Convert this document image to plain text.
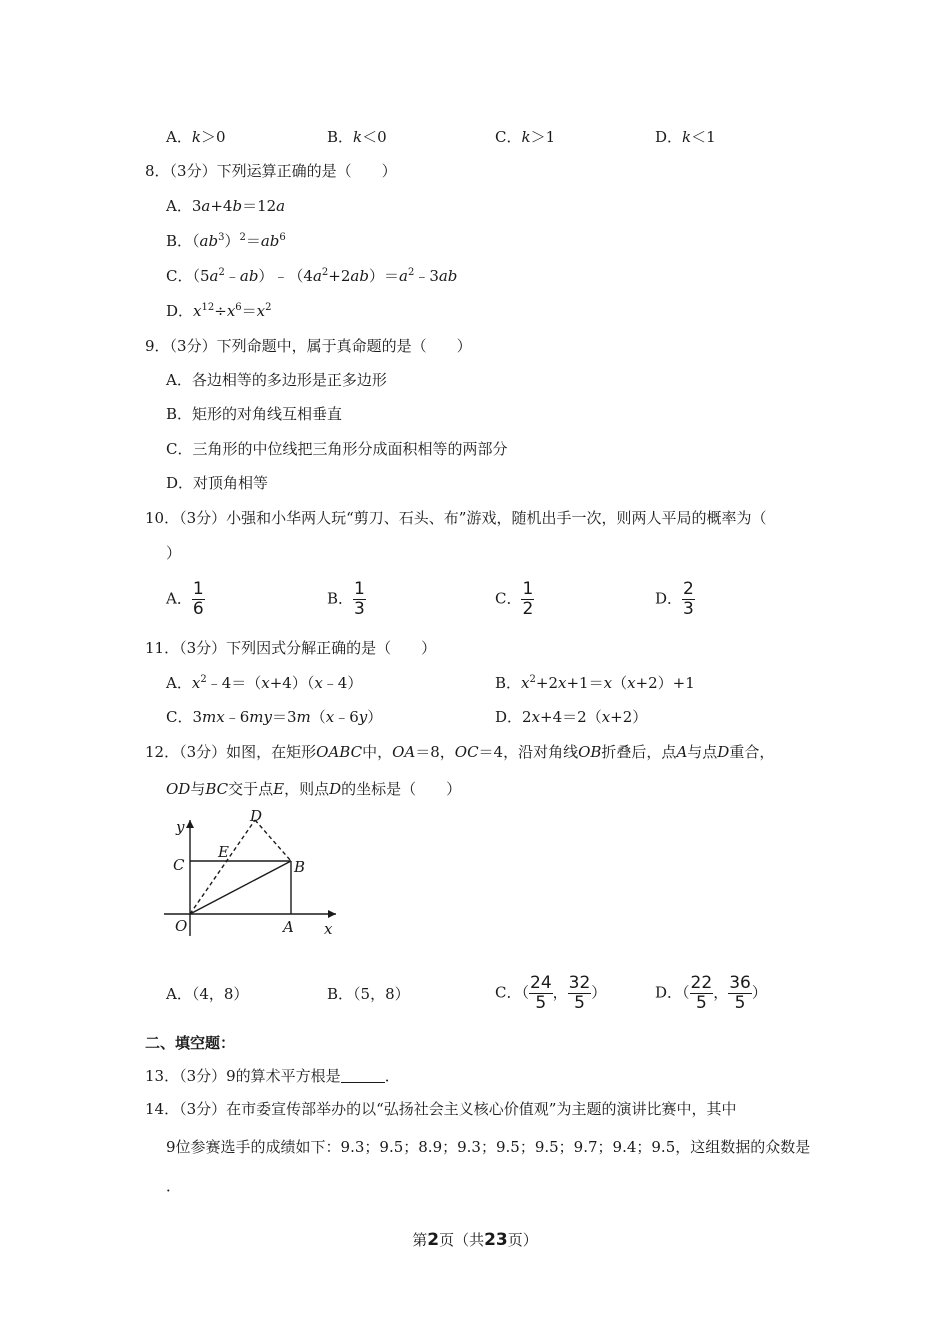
A．k＞0	B．k＜0	C．k＞1	D．k＜1
8．（3分）下列运算正确的是（　　）
A．3a+4b＝12a
B．$(ab^3)^2=ab^6$
C．$(5a^2﹣ab)﹣(4a^2+2ab)=a^2﹣3ab$
D．$x^{12}\div x^6=x^2$
9．（3分）下列命题中，属于真命题的是（　　）
A．各边相等的多边形是正多边形
B．矩形的对角线互相垂直
C．三角形的中位线把三角形分成面积相等的两部分
D．对顶角相等
10．（3分）小强和小华两人玩“剪刀、石头、布”游戏，随机出手一次，则两人平局的概率为（
）
A． $\frac{1}{6}$	B． $\frac{1}{3}$	C． $\frac{1}{2}$	D． $\frac{2}{3}$
11．（3分）下列因式分解正确的是（　　）
A．$x^2﹣4=(x+4)(x﹣4)$	B．$x^2+2x+1=x(x+2)+1$
C．3mx﹣6my＝3m（x﹣6y）	D．2x+4＝2（x+2）
12．（3分）如图，在矩形OABC中，OA＝8，OC＝4，沿对角线OB折叠后，点A与点D重合，
OD与BC交于点E，则点D的坐标是（　　）
y
x
O	A
B
C
D
E
A．（4，8）	B．（5，8）	C．（ $\frac{24}{5}$ ， $\frac{32}{5}$ ）	D．（ $\frac{22}{5}$ ， $\frac{36}{5}$ ）
二、填空题：
13．（3分）9的算术平方根是	．
14．（3分）在市委宣传部举办的以“弘扬社会主义核心价值观”为主题的演讲比赛中，其中
9位参赛选手的成绩如下：9.3；9.5；8.9；9.3；9.5；9.5；9.7；9.4；9.5，这组数据的众数是
．
第2页（共23页）
